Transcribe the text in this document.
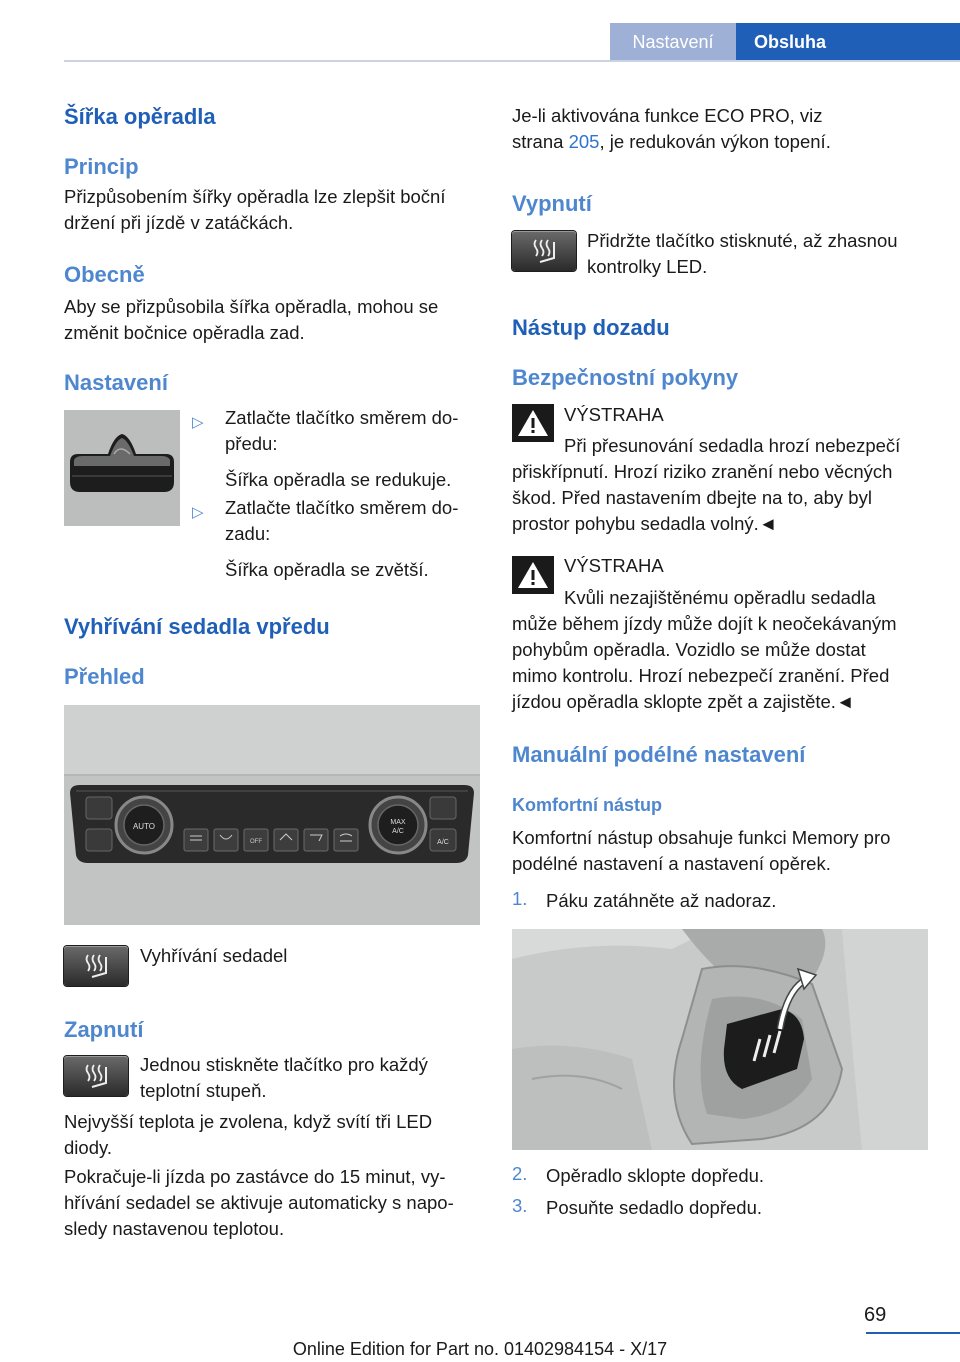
Nastavení	Obsluha
Šířka opěradla
Princip
Přizpůsobením šířky opěradla lze zlepšit boční
držení při jízdě v zatáčkách.
Obecně
Aby se přizpůsobila šířka opěradla, mohou se
změnit bočnice opěradla zad.
Nastavení
▷ Zatlačte tlačítko směrem do-
předu:
Šířka opěradla se redukuje.
▷ Zatlačte tlačítko směrem do-
zadu:
Šířka opěradla se zvětší.
Vyhřívání sedadla vpředu
Přehled
AUTO	MAX
A/C
A/C
OFF
Vyhřívání sedadel
Zapnutí
Jednou stiskněte tlačítko pro každý
teplotní stupeň.
Nejvyšší teplota je zvolena, když svítí tři LED
diody.
Pokračuje-li jízda po zastávce do 15 minut, vy-
hřívání sedadel se aktivuje automaticky s napo-
sledy nastavenou teplotou.
Je-li aktivována funkce ECO PRO, viz
strana 205, je redukován výkon topení.
Vypnutí
Přidržte tlačítko stisknuté, až zhasnou
kontrolky LED.
Nástup dozadu
Bezpečnostní pokyny
VÝSTRAHA
Při přesunování sedadla hrozí nebezpečí
přiskřípnutí. Hrozí riziko zranění nebo věcných
škod. Před nastavením dbejte na to, aby byl
prostor pohybu sedadla volný.◄
VÝSTRAHA
Kvůli nezajištěnému opěradlu sedadla
může během jízdy může dojít k neočekávaným
pohybům opěradla. Vozidlo se může dostat
mimo kontrolu. Hrozí nebezpečí zranění. Před
jízdou opěradla sklopte zpět a zajistěte.◄
Manuální podélné nastavení
Komfortní nástup
Komfortní nástup obsahuje funkci Memory pro
podélné nastavení a nastavení opěrek.
1. Páku zatáhněte až nadoraz.
2. Opěradlo sklopte dopředu.
3. Posuňte sedadlo dopředu.
69
Online Edition for Part no. 01402984154 - X/17
